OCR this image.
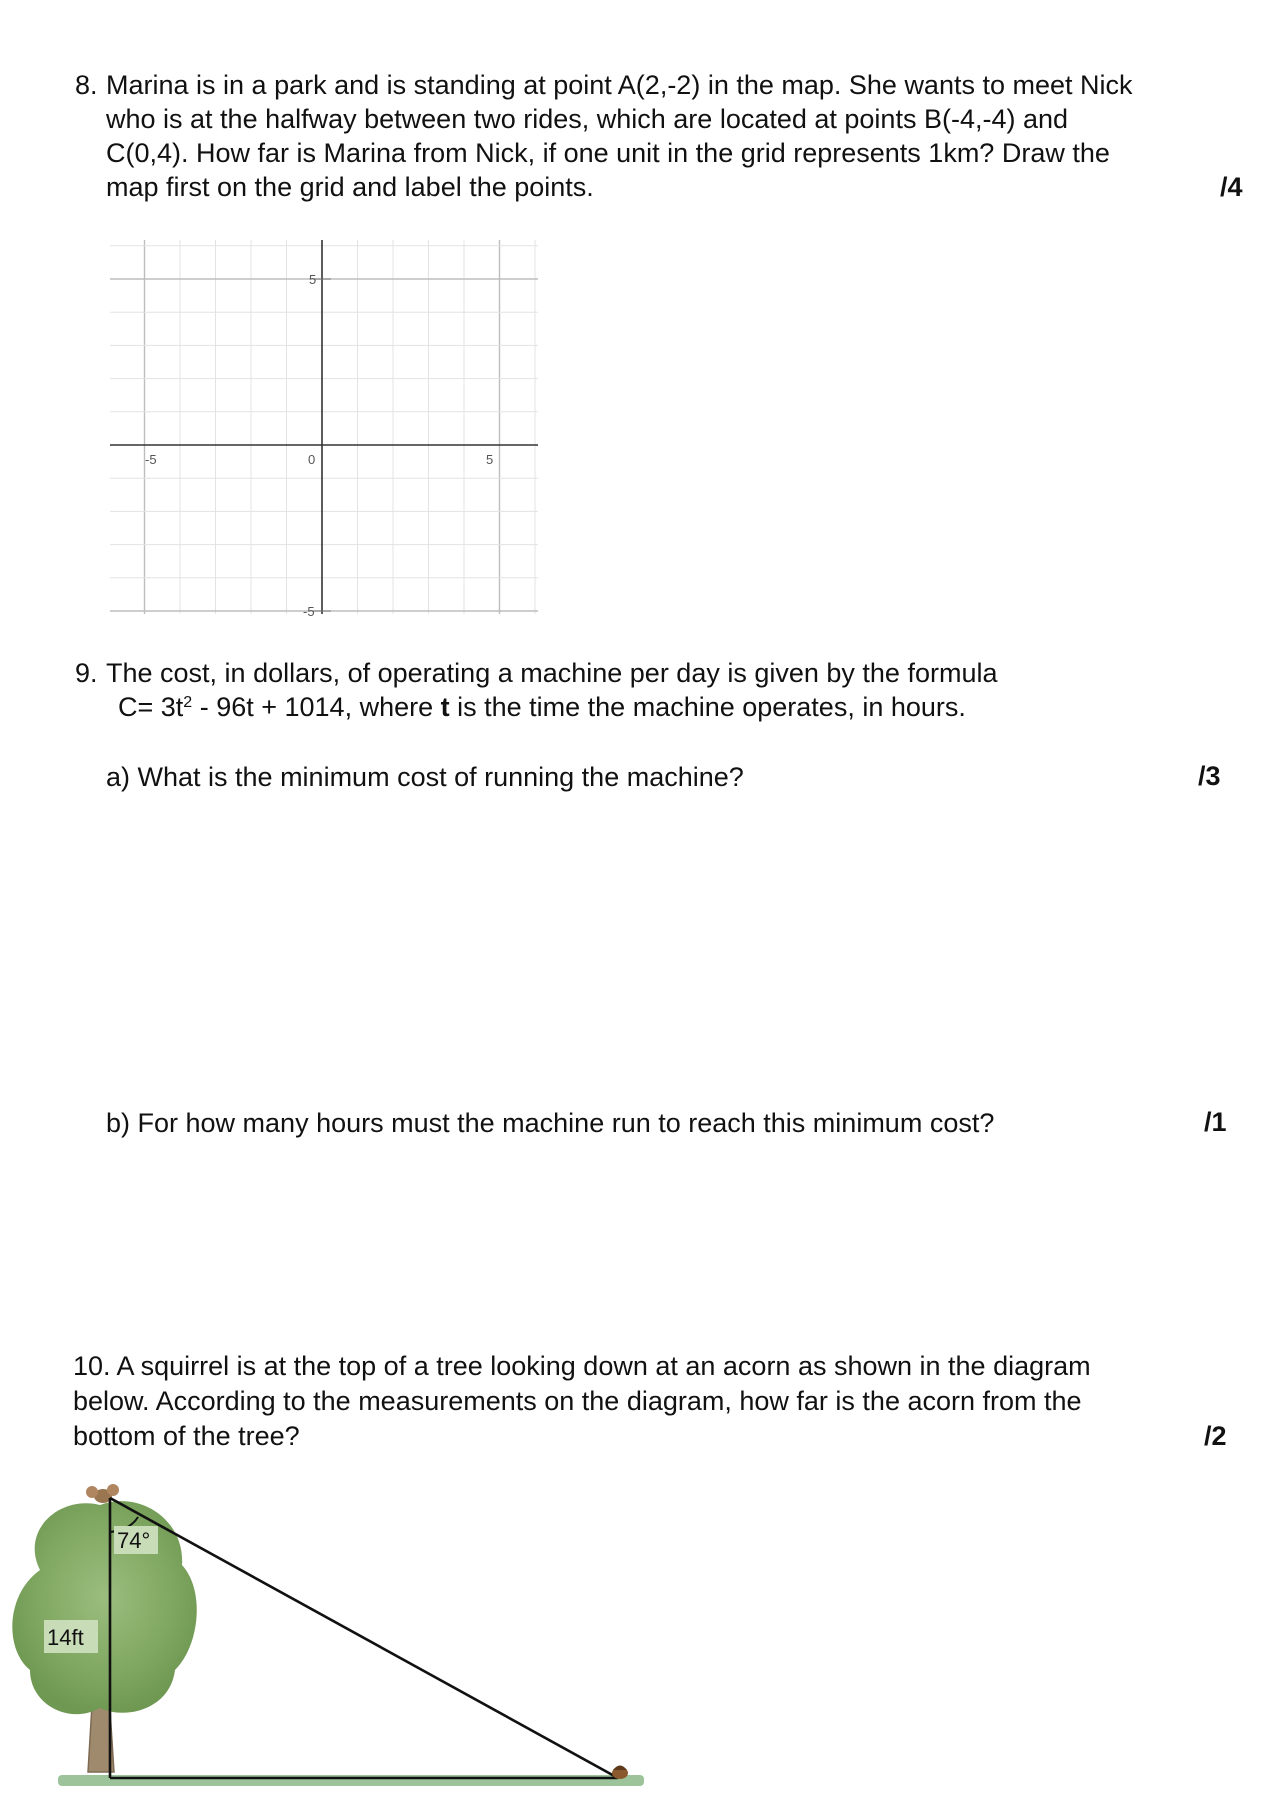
8. Marina is in a park and is standing at point A(2,-2) in the map. She wants to meet Nick
who is at the halfway between two rides, which are located at points B(-4,-4) and
C(0,4). How far is Marina from Nick, if one unit in the grid represents 1km? Draw the
map first on the grid and label the points.	/4
-5	0	5
5
-5
9. The cost, in dollars, of operating a machine per day is given by the formula
$C= 3t^2 - 96t + 1014$, where t is the time the machine operates, in hours.
a) What is the minimum cost of running the machine?	/3
b) For how many hours must the machine run to reach this minimum cost?	/1
10. A squirrel is at the top of a tree looking down at an acorn as shown in the diagram
below. According to the measurements on the diagram, how far is the acorn from the
bottom of the tree?	/2
74°
14ft
